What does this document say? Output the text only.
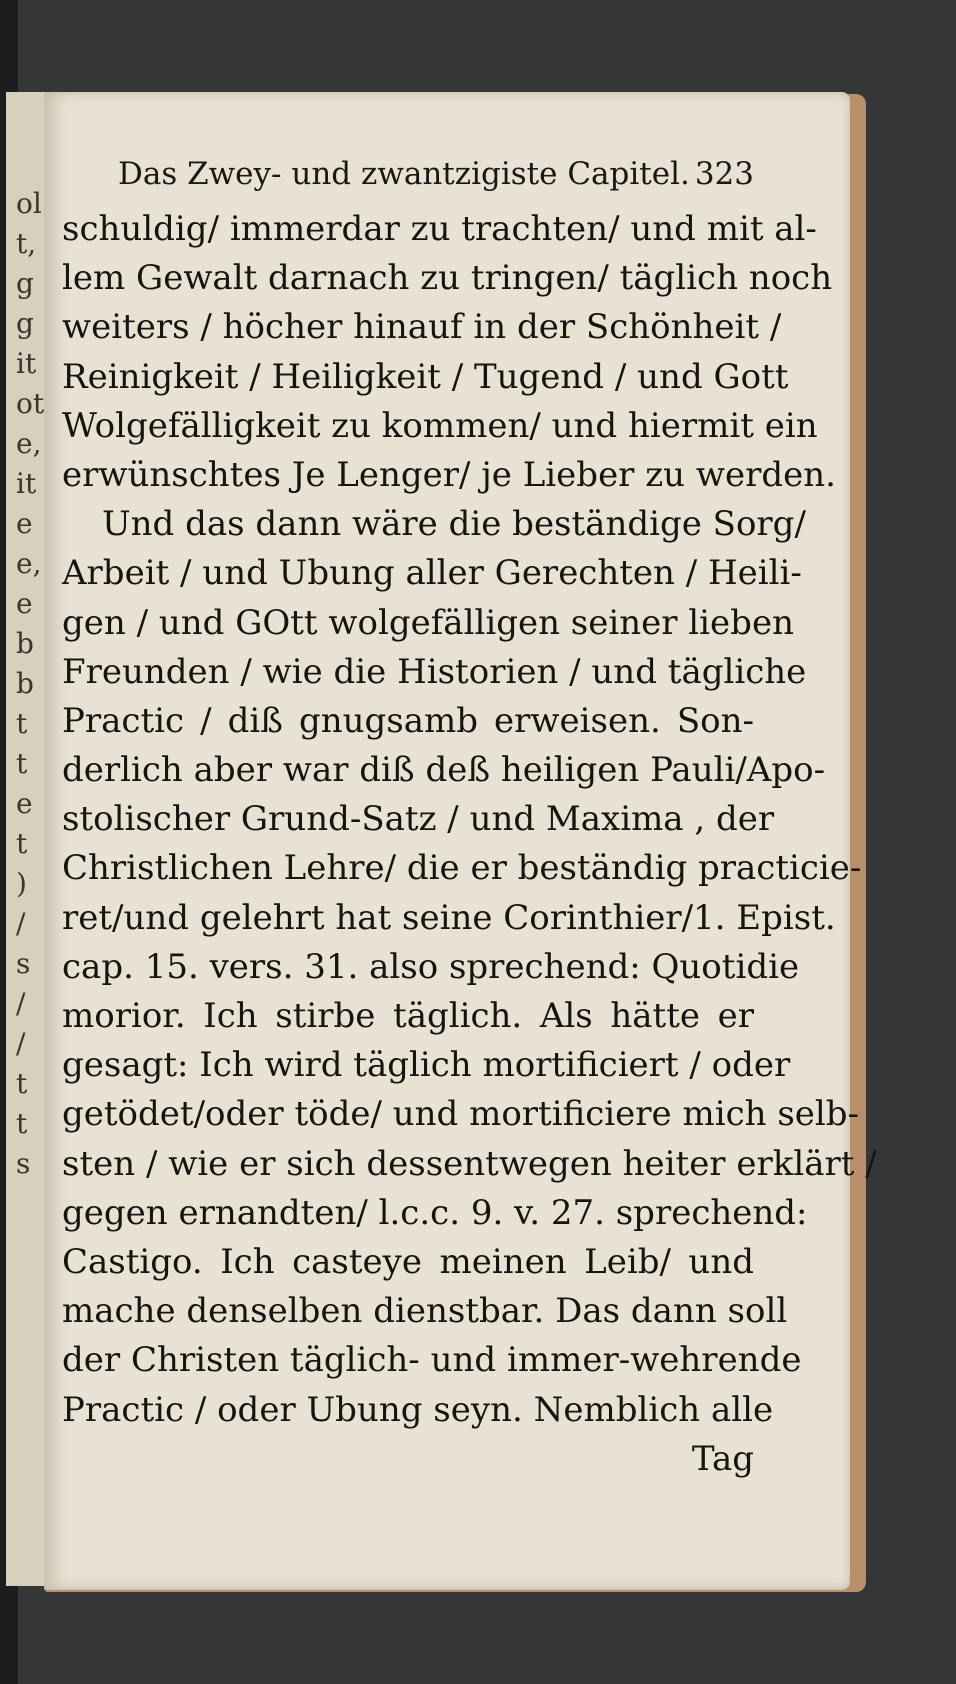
ol
t,
g
g
it
ot
e,
it
e
e,
e
b
b
t
t
e
t
)
/
s
/
/
t
t
s
Das Zwey- und zwantzigiste Capitel. 323
schuldig/ immerdar zu trachten/ und mit al-
lem Gewalt darnach zu tringen/ täglich noch
weiters / höcher hinauf in der Schönheit /
Reinigkeit / Heiligkeit / Tugend / und Gott
Wolgefälligkeit zu kommen/ und hiermit ein
erwünschtes Je Lenger/ je Lieber zu werden.
Und das dann wäre die beständige Sorg/
Arbeit / und Ubung aller Gerechten / Heili-
gen / und GOtt wolgefälligen seiner lieben
Freunden / wie die Historien / und tägliche
Practic / diß gnugsamb erweisen. Son-
derlich aber war diß deß heiligen Pauli/Apo-
stolischer Grund-Satz / und Maxima , der
Christlichen Lehre/ die er beständig practicie-
ret/und gelehrt hat seine Corinthier/1. Epist.
cap. 15. vers. 31. also sprechend: Quotidie
morior. Ich stirbe täglich. Als hätte er
gesagt: Ich wird täglich mortificiert / oder
getödet/oder töde/ und mortificiere mich selb-
sten / wie er sich dessentwegen heiter erklärt /
gegen ernandten/ l.c.c. 9. v. 27. sprechend:
Castigo. Ich casteye meinen Leib/ und
mache denselben dienstbar. Das dann soll
der Christen täglich- und immer-wehrende
Practic / oder Ubung seyn. Nemblich alle
Tag
